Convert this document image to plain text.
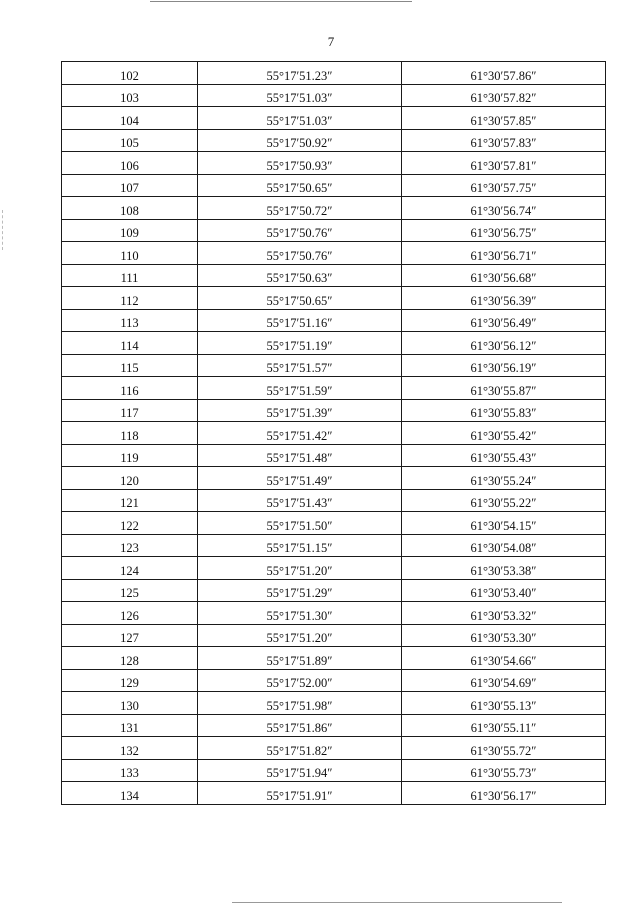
7
102	55°17′51.23″	61°30′57.86″
103	55°17′51.03″	61°30′57.82″
104	55°17′51.03″	61°30′57.85″
105	55°17′50.92″	61°30′57.83″
106	55°17′50.93″	61°30′57.81″
107	55°17′50.65″	61°30′57.75″
108	55°17′50.72″	61°30′56.74″
109	55°17′50.76″	61°30′56.75″
110	55°17′50.76″	61°30′56.71″
111	55°17′50.63″	61°30′56.68″
112	55°17′50.65″	61°30′56.39″
113	55°17′51.16″	61°30′56.49″
114	55°17′51.19″	61°30′56.12″
115	55°17′51.57″	61°30′56.19″
116	55°17′51.59″	61°30′55.87″
117	55°17′51.39″	61°30′55.83″
118	55°17′51.42″	61°30′55.42″
119	55°17′51.48″	61°30′55.43″
120	55°17′51.49″	61°30′55.24″
121	55°17′51.43″	61°30′55.22″
122	55°17′51.50″	61°30′54.15″
123	55°17′51.15″	61°30′54.08″
124	55°17′51.20″	61°30′53.38″
125	55°17′51.29″	61°30′53.40″
126	55°17′51.30″	61°30′53.32″
127	55°17′51.20″	61°30′53.30″
128	55°17′51.89″	61°30′54.66″
129	55°17′52.00″	61°30′54.69″
130	55°17′51.98″	61°30′55.13″
131	55°17′51.86″	61°30′55.11″
132	55°17′51.82″	61°30′55.72″
133	55°17′51.94″	61°30′55.73″
134	55°17′51.91″	61°30′56.17″
